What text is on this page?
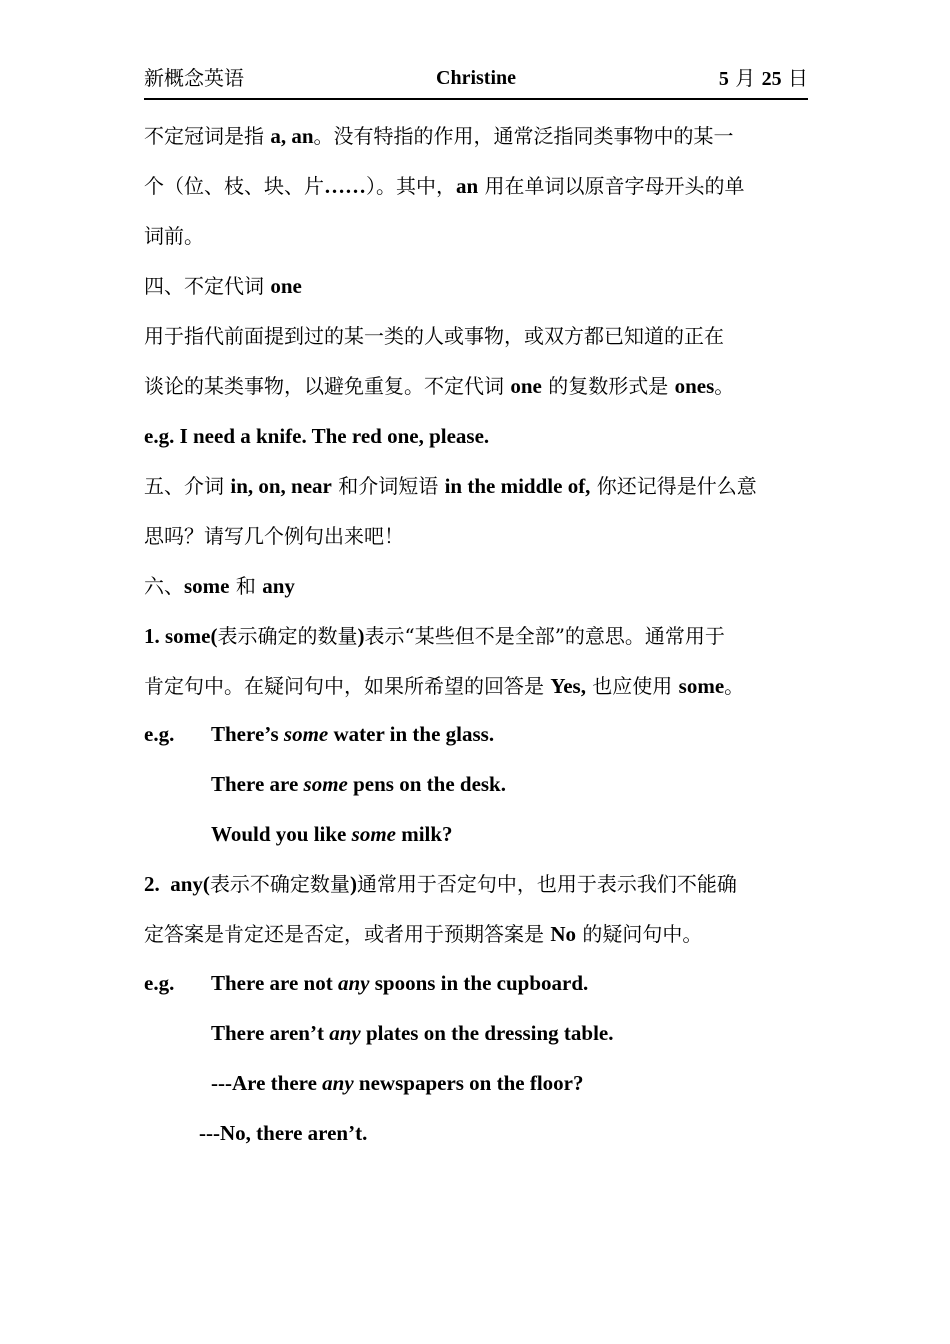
新概念英语	Christine	5 月 25 日
不定冠词是指 a, an。没有特指的作用，通常泛指同类事物中的某一
个（位、枝、块、片……）。其中，an 用在单词以原音字母开头的单
词前。
四、不定代词 one
用于指代前面提到过的某一类的人或事物，或双方都已知道的正在
谈论的某类事物，以避免重复。不定代词 one 的复数形式是 ones。
e.g. I need a knife. The red one, please.
五、介词 in, on, near 和介词短语 in the middle of, 你还记得是什么意
思吗？请写几个例句出来吧！
六、some 和 any
1. some(表示确定的数量)表示“某些但不是全部”的意思。通常用于
肯定句中。在疑问句中，如果所希望的回答是 Yes, 也应使用 some。
e.g. There’s some water in the glass.
There are some pens on the desk.
Would you like some milk?
2.  any(表示不确定数量)通常用于否定句中，也用于表示我们不能确
定答案是肯定还是否定，或者用于预期答案是 No 的疑问句中。
e.g. There are not any spoons in the cupboard.
There aren’t any plates on the dressing table.
---Are there any newspapers on the floor?
---No, there aren’t.
